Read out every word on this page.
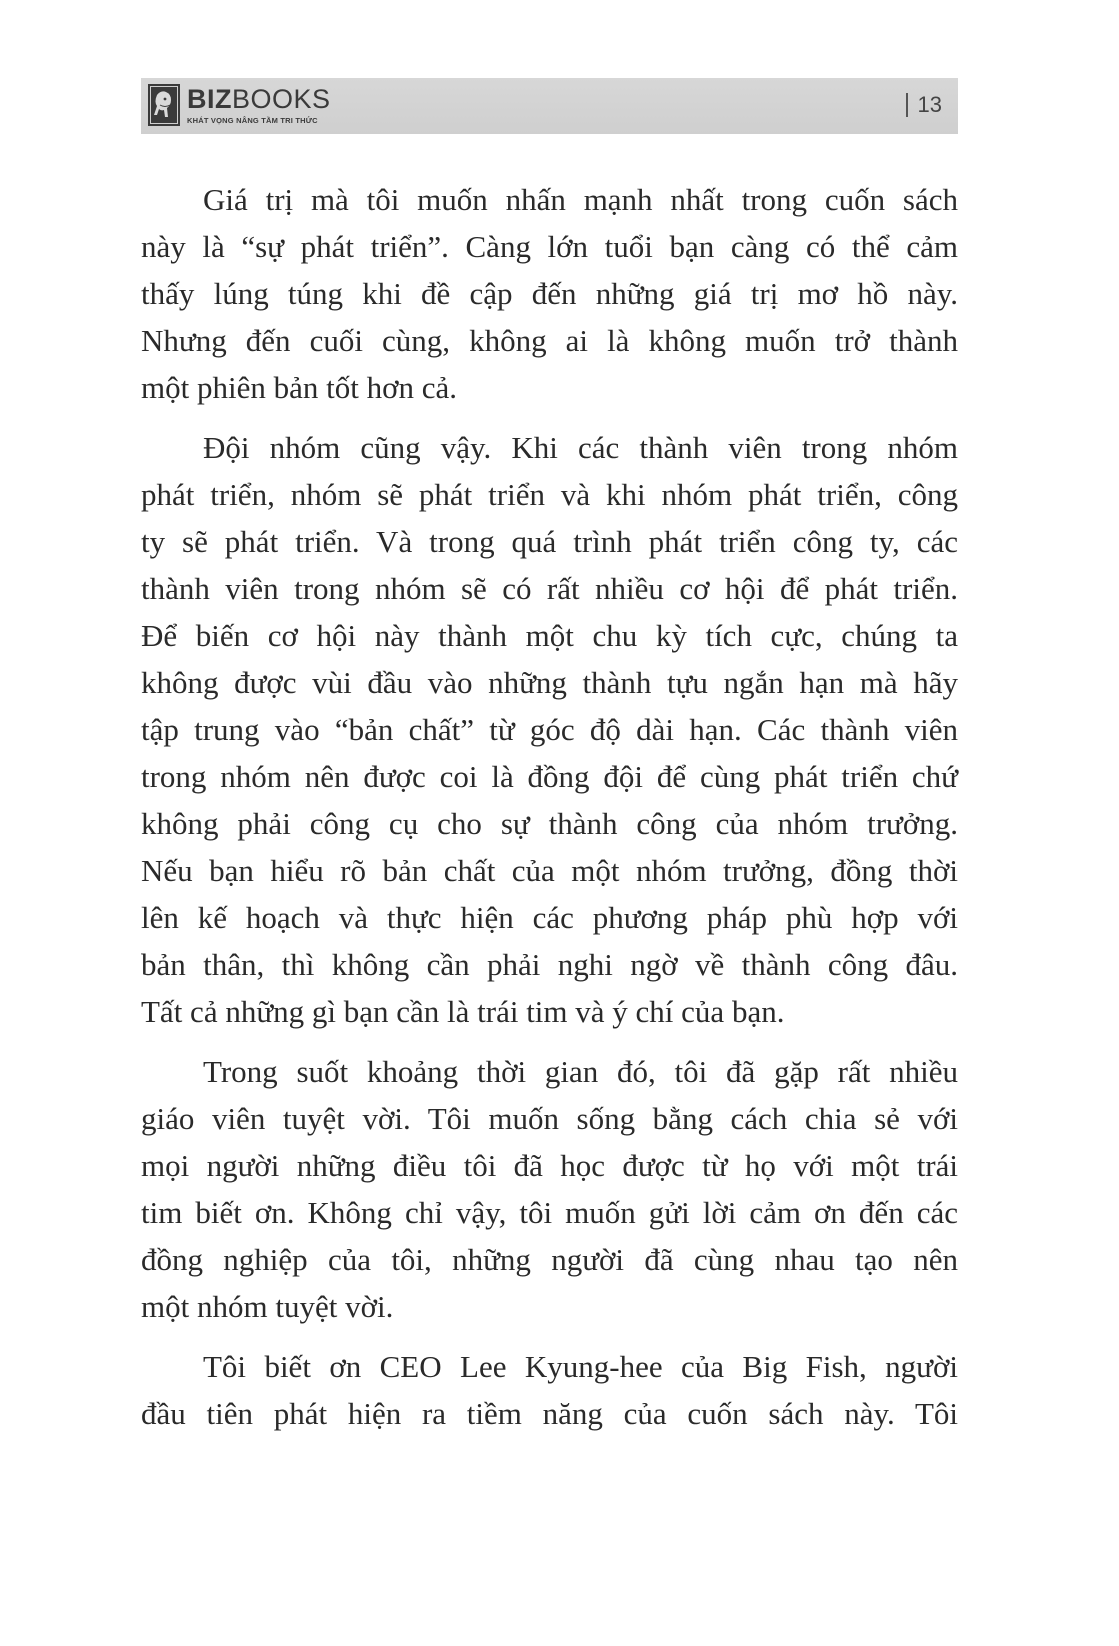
BIZBOOKS
KHÁT VỌNG NÂNG TẦM TRI THỨC
13
Giá trị mà tôi muốn nhấn mạnh nhất trong cuốn sách
này là “sự phát triển”. Càng lớn tuổi bạn càng có thể cảm
thấy lúng túng khi đề cập đến những giá trị mơ hồ này.
Nhưng đến cuối cùng, không ai là không muốn trở thành
một phiên bản tốt hơn cả.
Đội nhóm cũng vậy. Khi các thành viên trong nhóm
phát triển, nhóm sẽ phát triển và khi nhóm phát triển, công
ty sẽ phát triển. Và trong quá trình phát triển công ty, các
thành viên trong nhóm sẽ có rất nhiều cơ hội để phát triển.
Để biến cơ hội này thành một chu kỳ tích cực, chúng ta
không được vùi đầu vào những thành tựu ngắn hạn mà hãy
tập trung vào “bản chất” từ góc độ dài hạn. Các thành viên
trong nhóm nên được coi là đồng đội để cùng phát triển chứ
không phải công cụ cho sự thành công của nhóm trưởng.
Nếu bạn hiểu rõ bản chất của một nhóm trưởng, đồng thời
lên kế hoạch và thực hiện các phương pháp phù hợp với
bản thân, thì không cần phải nghi ngờ về thành công đâu.
Tất cả những gì bạn cần là trái tim và ý chí của bạn.
Trong suốt khoảng thời gian đó, tôi đã gặp rất nhiều
giáo viên tuyệt vời. Tôi muốn sống bằng cách chia sẻ với
mọi người những điều tôi đã học được từ họ với một trái
tim biết ơn. Không chỉ vậy, tôi muốn gửi lời cảm ơn đến các
đồng nghiệp của tôi, những người đã cùng nhau tạo nên
một nhóm tuyệt vời.
Tôi biết ơn CEO Lee Kyung-hee của Big Fish, người
đầu tiên phát hiện ra tiềm năng của cuốn sách này. Tôi
